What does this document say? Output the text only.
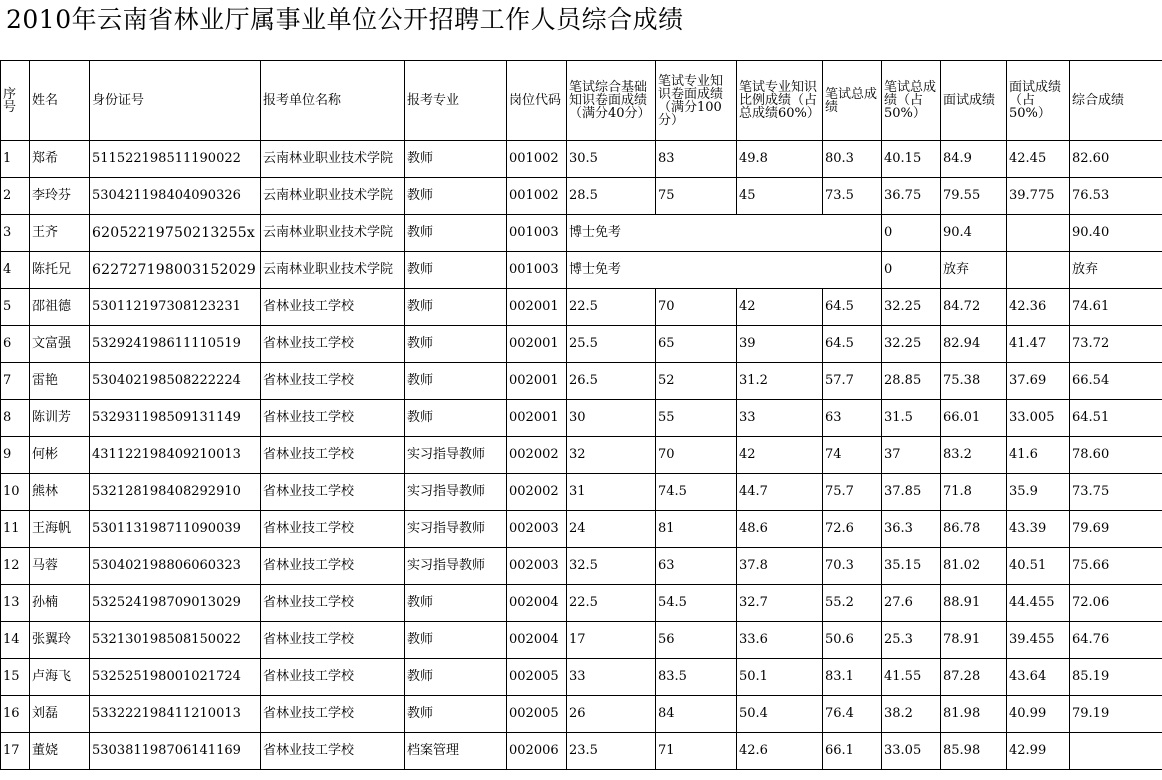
2010年云南省林业厅属事业单位公开招聘工作人员综合成绩
序号	姓名	身份证号	报考单位名称	报考专业	岗位代码	笔试综合基础知识卷面成绩（满分40分）	笔试专业知识卷面成绩（满分100分）	笔试专业知识比例成绩（占总成绩60%）	笔试总成绩	笔试总成绩（占50%）	面试成绩	面试成绩（占50%）	综合成绩
1	郑希	511522198511190022	云南林业职业技术学院	教师	001002	30.5	83	49.8	80.3	40.15	84.9	42.45	82.60
2	李玲芬	530421198404090326	云南林业职业技术学院	教师	001002	28.5	75	45	73.5	36.75	79.55	39.775	76.53
3	王齐	62052219750213255x	云南林业职业技术学院	教师	001003	博士免考				0	90.4		90.40
4	陈托兄	622727198003152029	云南林业职业技术学院	教师	001003	博士免考				0	放弃		放弃
5	邵祖德	530112197308123231	省林业技工学校	教师	002001	22.5	70	42	64.5	32.25	84.72	42.36	74.61
6	文富强	532924198611110519	省林业技工学校	教师	002001	25.5	65	39	64.5	32.25	82.94	41.47	73.72
7	雷艳	530402198508222224	省林业技工学校	教师	002001	26.5	52	31.2	57.7	28.85	75.38	37.69	66.54
8	陈训芳	532931198509131149	省林业技工学校	教师	002001	30	55	33	63	31.5	66.01	33.005	64.51
9	何彬	431122198409210013	省林业技工学校	实习指导教师	002002	32	70	42	74	37	83.2	41.6	78.60
10	熊林	532128198408292910	省林业技工学校	实习指导教师	002002	31	74.5	44.7	75.7	37.85	71.8	35.9	73.75
11	王海帆	530113198711090039	省林业技工学校	实习指导教师	002003	24	81	48.6	72.6	36.3	86.78	43.39	79.69
12	马蓉	530402198806060323	省林业技工学校	实习指导教师	002003	32.5	63	37.8	70.3	35.15	81.02	40.51	75.66
13	孙楠	532524198709013029	省林业技工学校	教师	002004	22.5	54.5	32.7	55.2	27.6	88.91	44.455	72.06
14	张翼玲	532130198508150022	省林业技工学校	教师	002004	17	56	33.6	50.6	25.3	78.91	39.455	64.76
15	卢海飞	532525198001021724	省林业技工学校	教师	002005	33	83.5	50.1	83.1	41.55	87.28	43.64	85.19
16	刘磊	533222198411210013	省林业技工学校	教师	002005	26	84	50.4	76.4	38.2	81.98	40.99	79.19
17	董娆	530381198706141169	省林业技工学校	档案管理	002006	23.5	71	42.6	66.1	33.05	85.98	42.99	
